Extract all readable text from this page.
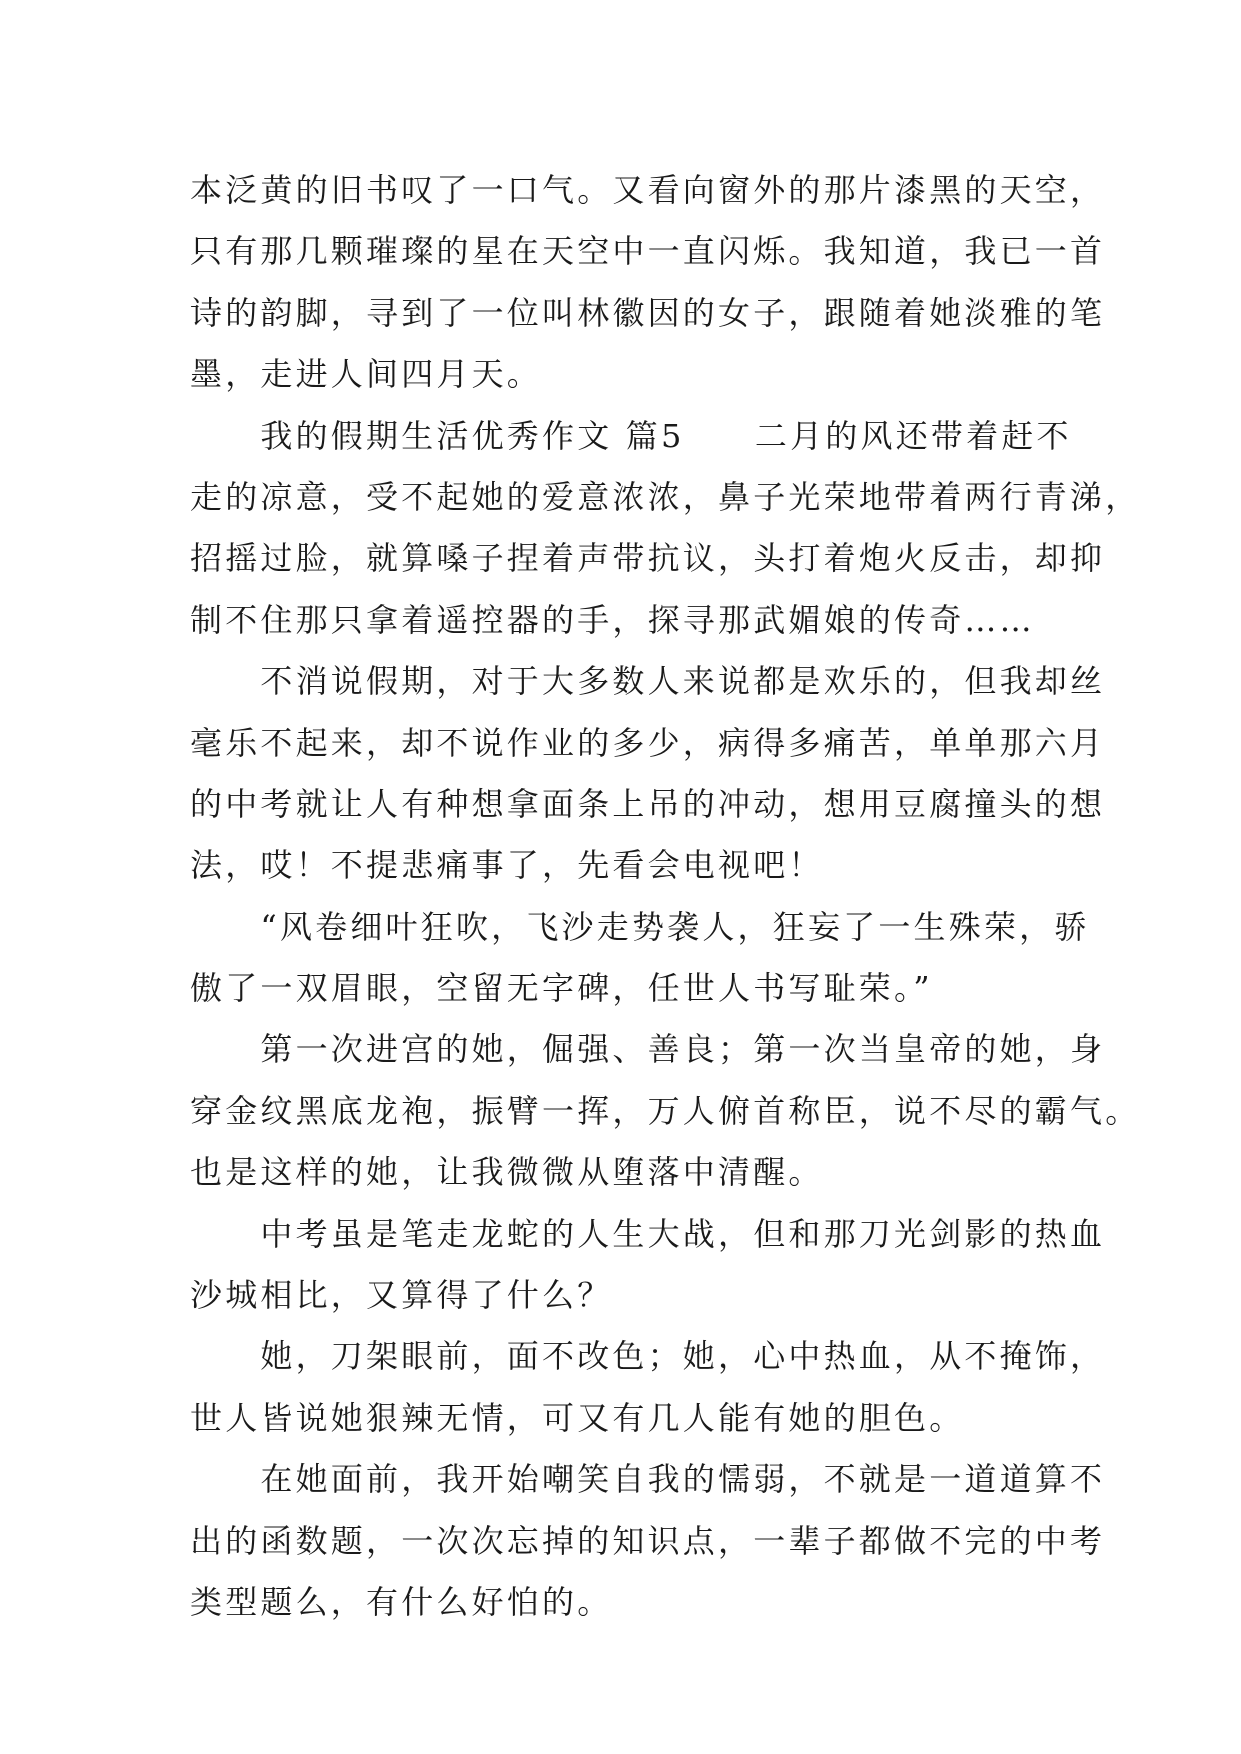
本泛黄的旧书叹了一口气。又看向窗外的那片漆黑的天空，

只有那几颗璀璨的星在天空中一直闪烁。我知道，我已一首

诗的韵脚，寻到了一位叫林徽因的女子，跟随着她淡雅的笔

墨，走进人间四月天。

　　我的假期生活优秀作文 篇5　　二月的风还带着赶不

走的凉意，受不起她的爱意浓浓，鼻子光荣地带着两行青涕，

招摇过脸，就算嗓子捏着声带抗议，头打着炮火反击，却抑

制不住那只拿着遥控器的手，探寻那武媚娘的传奇……

　　不消说假期，对于大多数人来说都是欢乐的，但我却丝

毫乐不起来，却不说作业的多少，病得多痛苦，单单那六月

的中考就让人有种想拿面条上吊的冲动，想用豆腐撞头的想

法，哎！不提悲痛事了，先看会电视吧！

　　“风卷细叶狂吹，飞沙走势袭人，狂妄了一生殊荣，骄

傲了一双眉眼，空留无字碑，任世人书写耻荣。”

　　第一次进宫的她，倔强、善良；第一次当皇帝的她，身

穿金纹黑底龙袍，振臂一挥，万人俯首称臣，说不尽的霸气。

也是这样的她，让我微微从堕落中清醒。

　　中考虽是笔走龙蛇的人生大战，但和那刀光剑影的热血

沙城相比，又算得了什么？

　　她，刀架眼前，面不改色；她，心中热血，从不掩饰，

世人皆说她狠辣无情，可又有几人能有她的胆色。

　　在她面前，我开始嘲笑自我的懦弱，不就是一道道算不

出的函数题，一次次忘掉的知识点，一辈子都做不完的中考

类型题么，有什么好怕的。
